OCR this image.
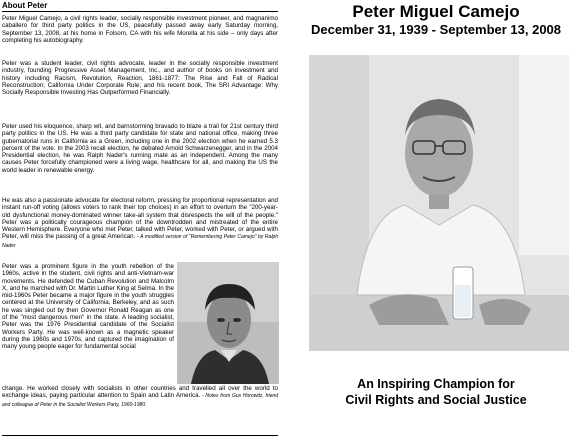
About Peter

Peter Miguel Camejo, a civil rights leader, socially responsible investment pioneer, and magnanimo caballero for third party politics in the US, peacefully passed away early Saturday morning, September 13, 2008, at his home in Folsom, CA with his wife Morella at his side – only days after completing his autobiography.

Peter was a student leader, civil rights advocate, leader in the socially responsible investment industry, founding Progressive Asset Management, Inc., and author of books on investment and history including Racism, Revolution, Reaction, 1861-1877: The Rise and Fall of Radical Reconstruction; California Under Corporate Rule; and his recent book, The SRI Advantage: Why Socially Responsible Investing Has Outperformed Financially.

Peter used his eloquence, sharp wit, and barnstorming bravado to blaze a trail for 21st century third party politics in the US. He was a third party candidate for state and national office, making three gubernatorial runs in California as a Green, including one in the 2002 election when he earned 5.3 percent of the vote. In the 2003 recall election, he debated Arnold Schwarzenegger, and in the 2004 Presidential election, he was Ralph Nader's running mate as an independent. Among the many causes Peter forcefully championed were a living wage, healthcare for all, and making the US the world leader in renewable energy.

He was also a passionate advocate for electoral reform, pressing for proportional representation and instant run-off voting (allows voters to rank their top choices) in an effort to overturn the "200-year-old dysfunctional money-dominated winner take-all system that disrespects the will of the people." Peter was a politically courageous champion of the downtrodden and mistreated of the entire Western Hemisphere. Everyone who met Peter, talked with Peter, worked with Peter, or argued with Peter, will miss the passing of a great American. - A modified version of "Remembering Peter Camejo" by Ralph Nader

Peter was a prominent figure in the youth rebellion of the 1960s, active in the student, civil rights and anti-Vietnam-war movements. He defended the Cuban Revolution and Malcolm X, and he marched with Dr. Martin Luther King at Selma. In the mid-1960s Peter became a major figure in the youth struggles centered at the University of California, Berkeley, and as such he was singled out by then Governor Ronald Reagan as one of the "most dangerous men" in the state. A leading socialist, Peter was the 1976 Presidential candidate of the Socialist Workers Party. He was well-known as a magnetic speaker during the 1960s and 1970s, and captured the imagination of many young people eager for fundamental social

change. He worked closely with socialists in other countries and travelled all over the world to exchange ideas, paying particular attention to Spain and Latin America. - Notes from Gus Horowitz, friend and colleague of Peter in the Socialist Workers Party, 1960-1980.

Peter Miguel Camejo
December 31, 1939 - September 13, 2008
An Inspiring Champion for
Civil Rights and Social Justice
